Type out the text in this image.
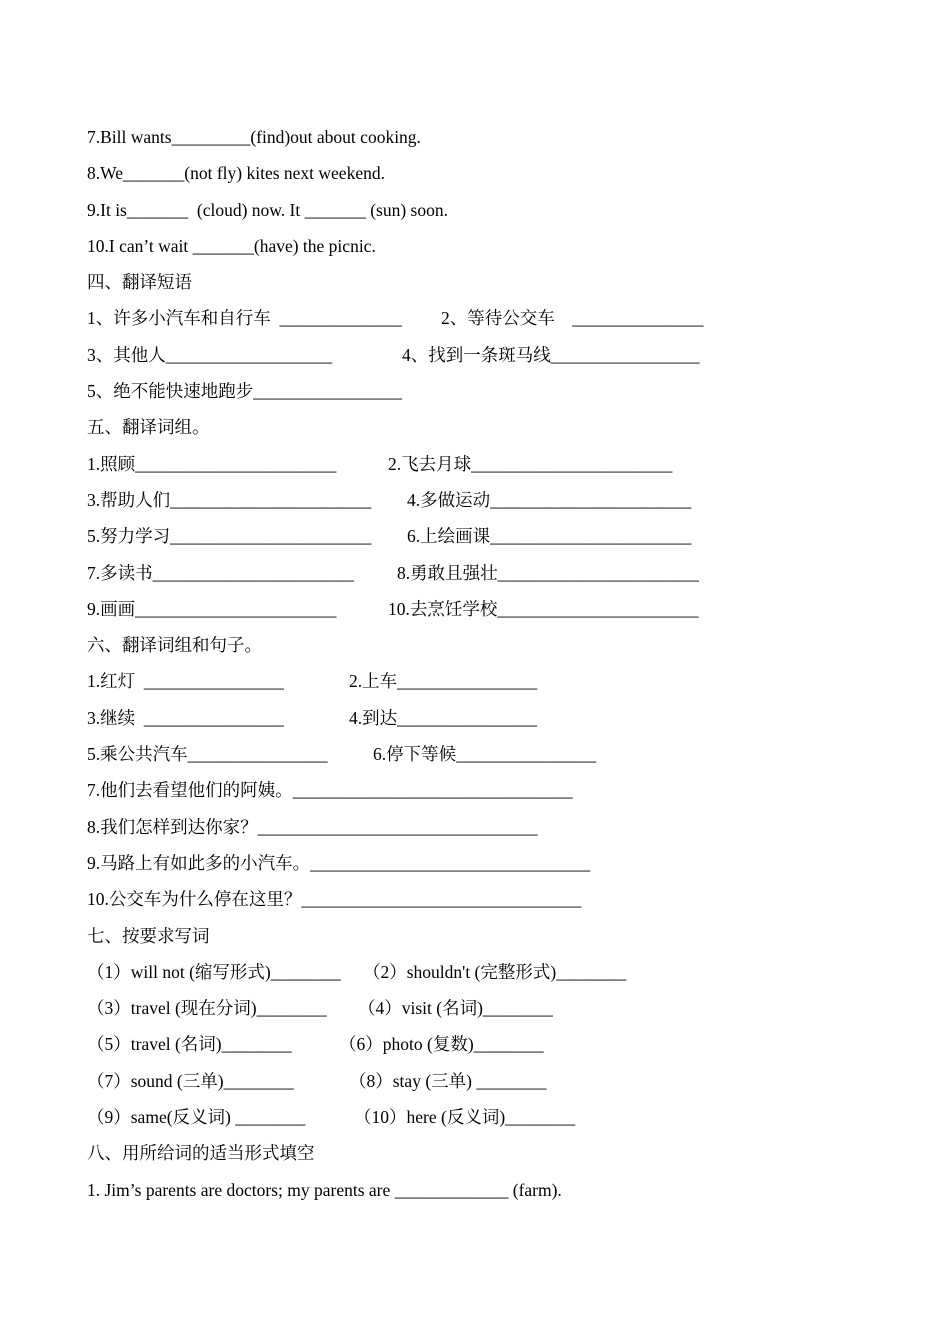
7.Bill wants_________(find)out about cooking.
8.We_______(not fly) kites next weekend.
9.It is_______  (cloud) now. It _______ (sun) soon.
10.I can’t wait _______(have) the picnic.
四、翻译短语
1、许多小汽车和自行车  ______________ 2、等待公交车    _______________
3、其他人___________________	4、找到一条斑马线_________________
5、绝不能快速地跑步_________________
五、翻译词组。
1.照顾_______________________	2.飞去月球_______________________
3.帮助人们_______________________ 4.多做运动_______________________
5.努力学习_______________________ 6.上绘画课_______________________
7.多读书_______________________ 8.勇敢且强壮_______________________
9.画画_______________________	10.去烹饪学校_______________________
六、翻译词组和句子。
1.红灯  ________________	2.上车________________
3.继续  ________________	4.到达________________
5.乘公共汽车________________	6.停下等候________________
7.他们去看望他们的阿姨。________________________________
8.我们怎样到达你家？________________________________
9.马路上有如此多的小汽车。________________________________
10.公交车为什么停在这里？________________________________
七、按要求写词
（1）will not (缩写形式)________ （2）shouldn't (完整形式)________
（3）travel (现在分词)________ （4）visit (名词)________
（5）travel (名词)________	（6）photo (复数)________
（7）sound (三单)________	（8）stay (三单) ________
（9）same(反义词) ________	（10）here (反义词)________
八、用所给词的适当形式填空
1. Jim’s parents are doctors; my parents are _____________ (farm).
